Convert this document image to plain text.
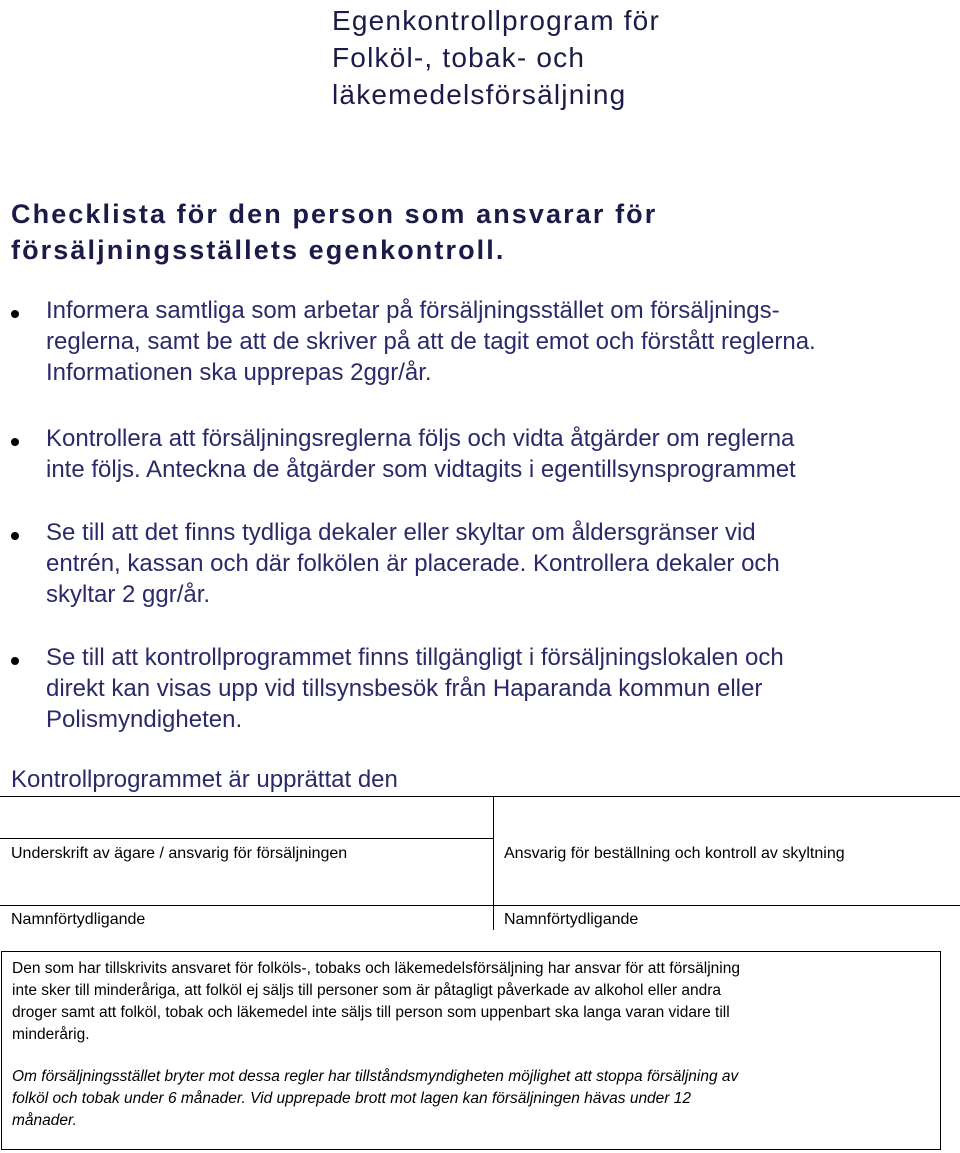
Egenkontrollprogram för
Folköl-, tobak- och
läkemedelsförsäljning
Checklista för den person som ansvarar för
försäljningsställets egenkontroll.
Informera samtliga som arbetar på försäljningsstället om försäljnings-
reglerna, samt be att de skriver på att de tagit emot och förstått reglerna.
Informationen ska upprepas 2ggr/år.
Kontrollera att försäljningsreglerna följs och vidta åtgärder om reglerna
inte följs. Anteckna de åtgärder som vidtagits i egentillsynsprogrammet
Se till att det finns tydliga dekaler eller skyltar om åldersgränser vid
entrén, kassan och där folkölen är placerade. Kontrollera dekaler och
skyltar 2 ggr/år.
Se till att kontrollprogrammet finns tillgängligt i försäljningslokalen och
direkt kan visas upp vid tillsynsbesök från Haparanda kommun eller
Polismyndigheten.
Kontrollprogrammet är upprättat den
Underskrift av ägare / ansvarig för försäljningen	Ansvarig för beställning och kontroll av skyltning
Namnförtydligande	Namnförtydligande
Den som har tillskrivits ansvaret för folköls-, tobaks och läkemedelsförsäljning har ansvar för att försäljning
inte sker till minderåriga, att folköl ej säljs till personer som är påtagligt påverkade av alkohol eller andra
droger samt att folköl, tobak och läkemedel inte säljs till person som uppenbart ska langa varan vidare till
minderårig.
Om försäljningsstället bryter mot dessa regler har tillståndsmyndigheten möjlighet att stoppa försäljning av
folköl och tobak under 6 månader. Vid upprepade brott mot lagen kan försäljningen hävas under 12
månader.
